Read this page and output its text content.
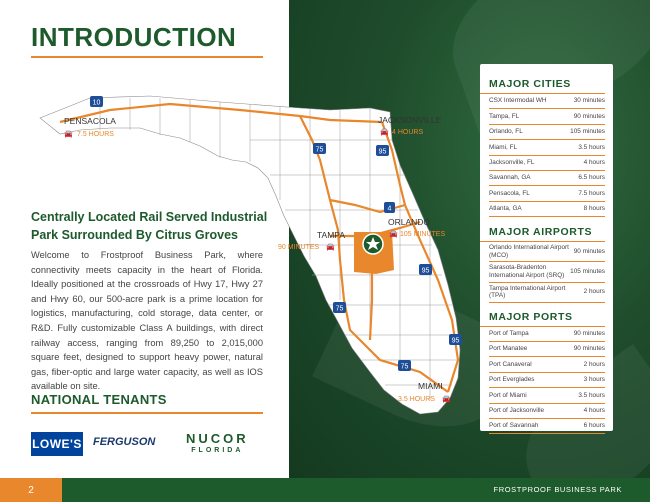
INTRODUCTION
Centrally Located Rail Served Industrial Park Surrounded By Citrus Groves

Welcome to Frostproof Business Park, where connectivity meets capacity in the heart of Florida. Ideally positioned at the crossroads of Hwy 17, Hwy 27 and Hwy 60, our 500-acre park is a prime location for logistics, manufacturing, cold storage, data center, or R&D. Fully customizable Class A buildings, with direct railway access, ranging from 89,250 to 2,015,000 square feet, designed to support heavy power, natural gas, fiber-optic and large water capacity, as well as IOS available on site.

NATIONAL TENANTS
LOWE'S FERGUSON NUCOR
FLORIDA
10
75	95
4
95
75
95
75
PENSACOLA
7.5 HOURS
🚘
JACKSONVILLE
4 HOURS
🚘
ORLANDO
105 MINUTES
🚘
TAMPA
90 MINUTES 🚘
MIAMI
3.5 HOURS 🚘
MAJOR CITIES
CSX Intermodal WH	30 minutes
Tampa, FL	90 minutes
Orlando, FL	105 minutes
Miami, FL	3.5 hours
Jacksonville, FL	4 hours
Savannah, GA	6.5 hours
Pensacola, FL	7.5 hours
Atlanta, GA	8 hours
MAJOR AIRPORTS
Orlando International Airport (MCO)
90 minutes
Sarasota-Bradenton International Airport (SRQ)
105 minutes
Tampa International Airport (TPA)
2 hours
MAJOR PORTS
Port of Tampa	90 minutes
Port Manatee	90 minutes
Port Canaveral	2 hours
Port Everglades	3 hours
Port of Miami	3.5 hours
Port of Jacksonville	4 hours
Port of Savannah	6 hours
2	FROSTPROOF BUSINESS PARK
